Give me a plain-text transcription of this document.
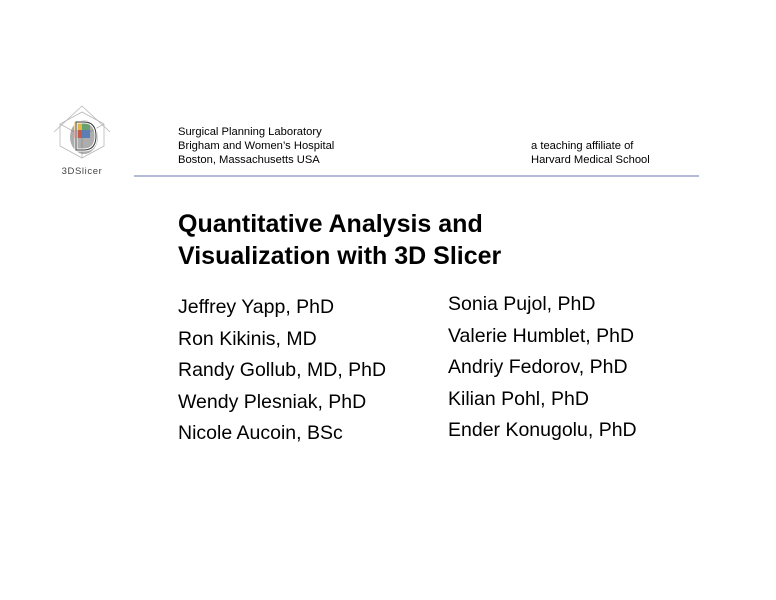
3DSlicer
Surgical Planning Laboratory
Brigham and Women’s Hospital
Boston, Massachusetts USA
a teaching affiliate of
Harvard Medical School
Quantitative Analysis and
Visualization with 3D Slicer
Jeffrey Yapp, PhD
Ron Kikinis, MD
Randy Gollub, MD, PhD
Wendy Plesniak, PhD
Nicole Aucoin, BSc
Sonia Pujol, PhD
Valerie Humblet, PhD
Andriy Fedorov, PhD
Kilian Pohl, PhD
Ender Konugolu, PhD
